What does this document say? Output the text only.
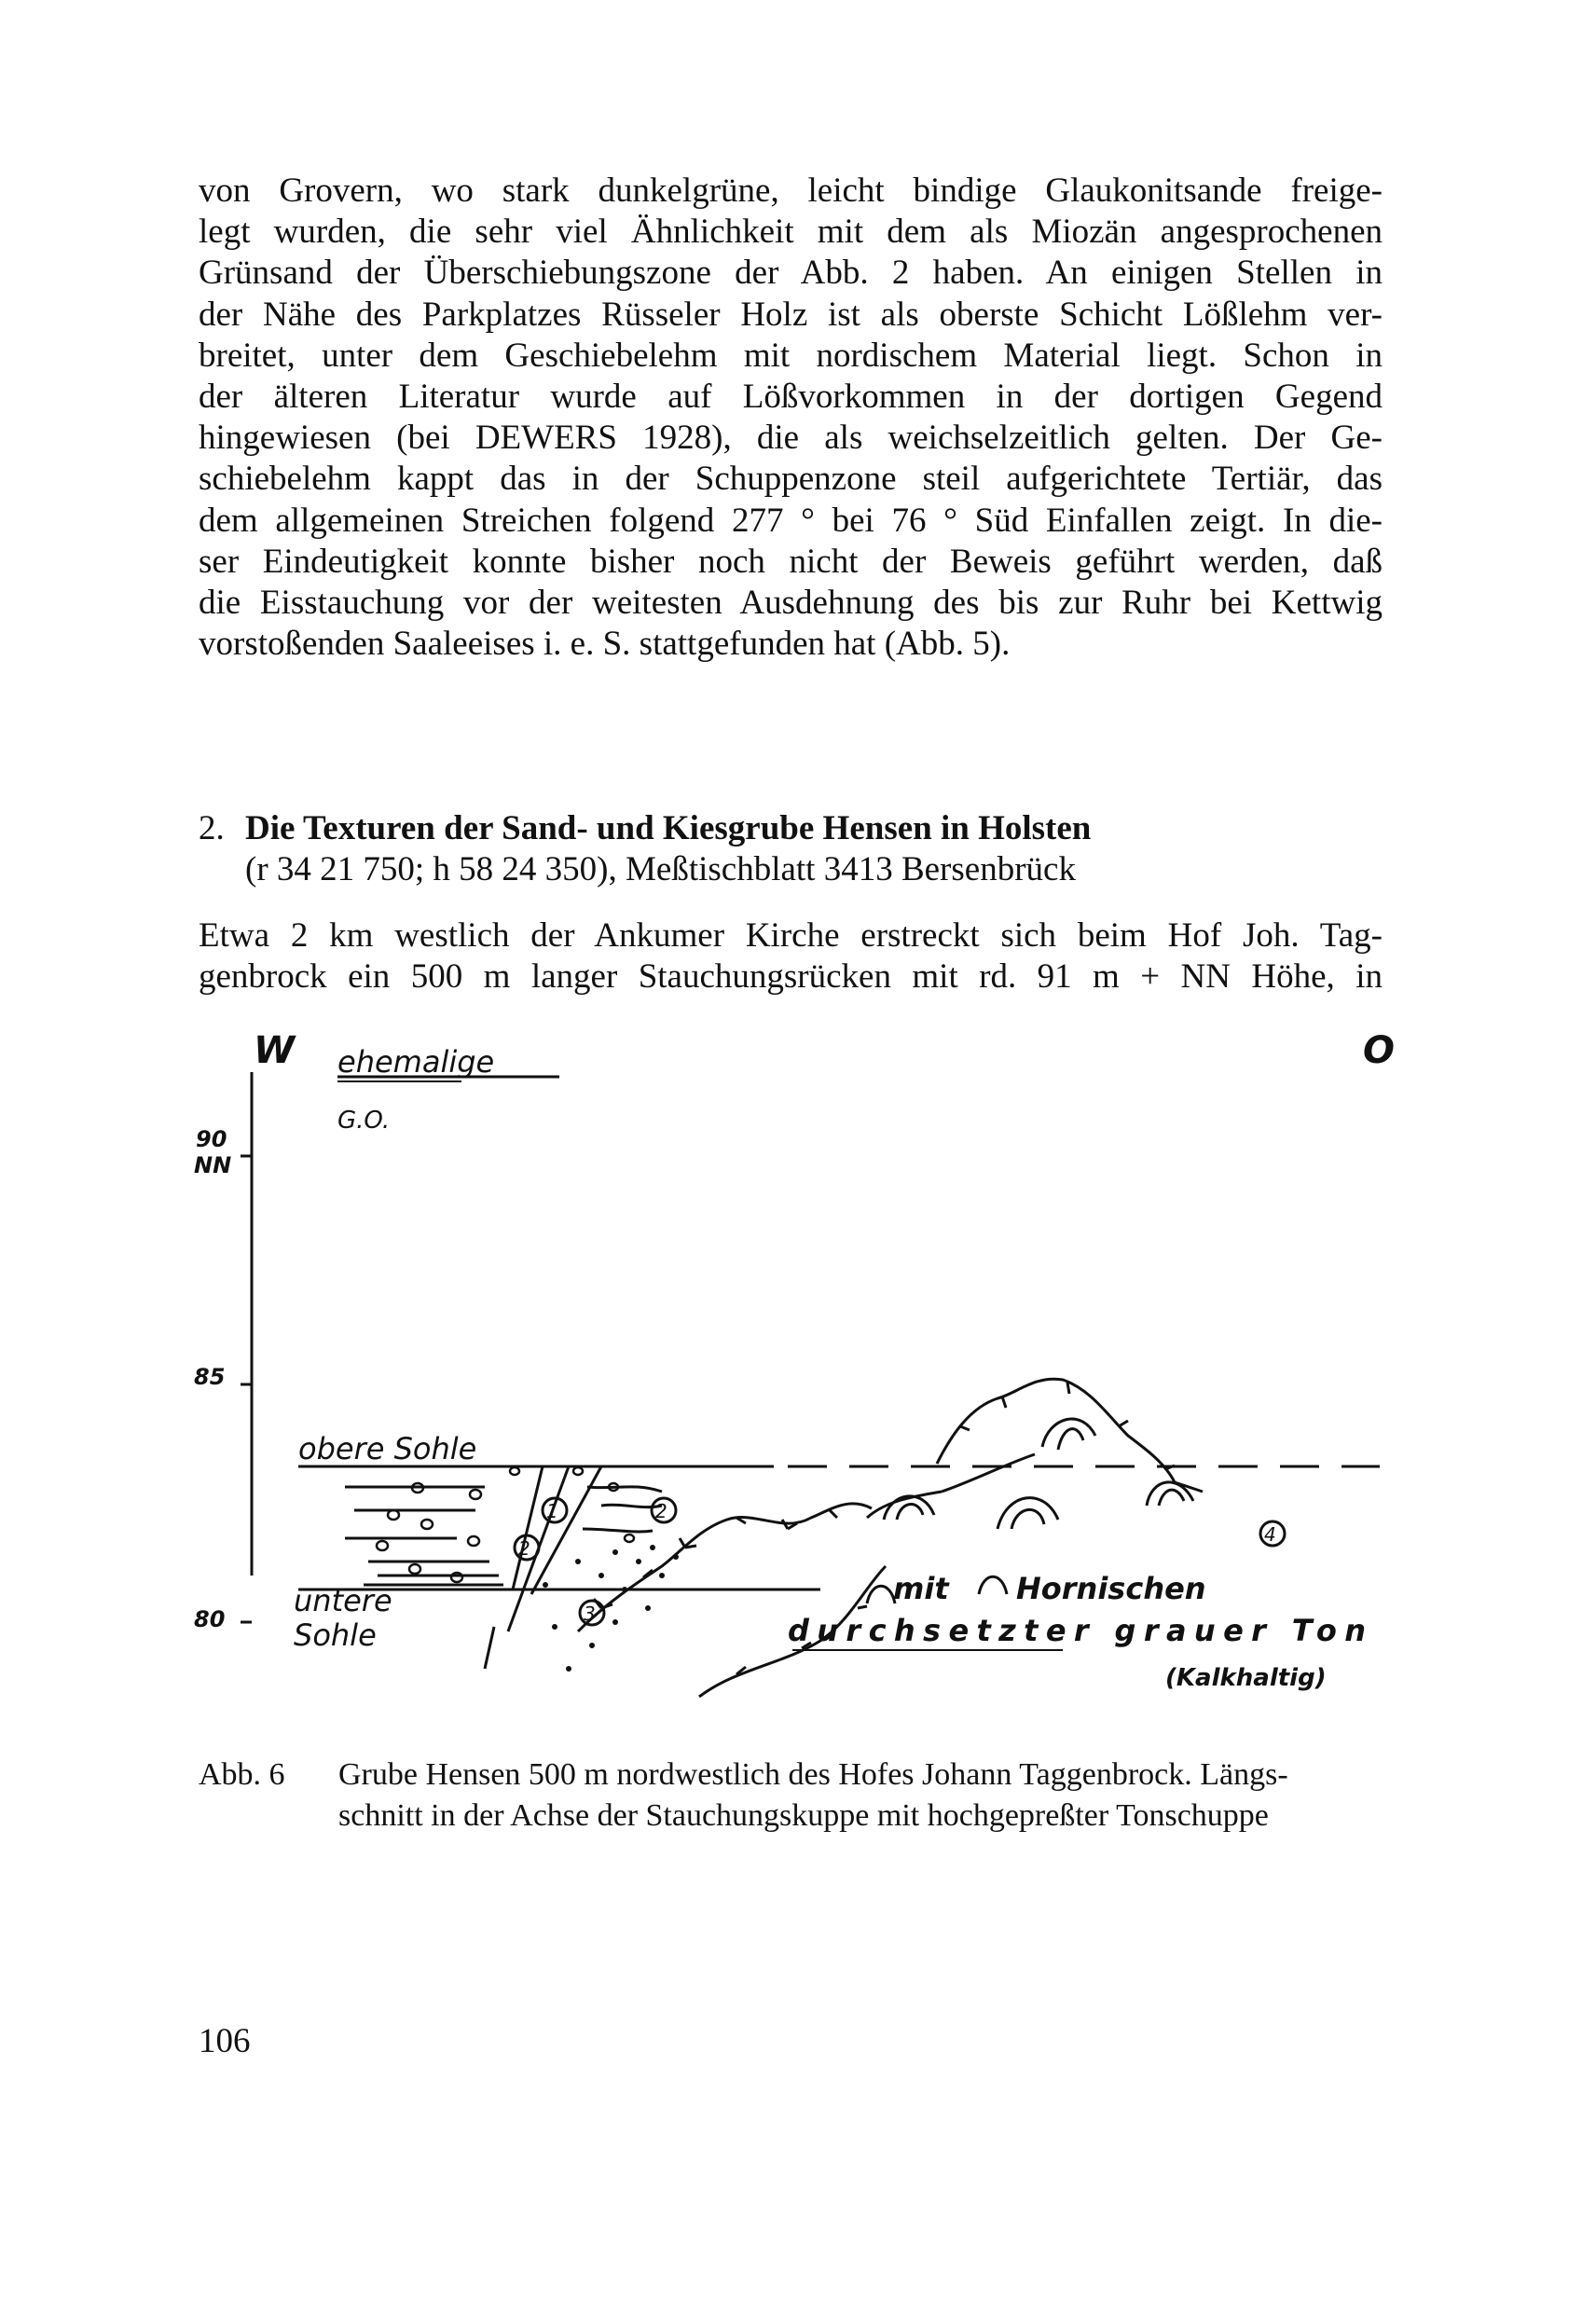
von Grovern, wo stark dunkelgrüne, leicht bindige Glaukonitsande freige-
legt wurden, die sehr viel Ähnlichkeit mit dem als Miozän angesprochenen
Grünsand der Überschiebungszone der Abb. 2 haben. An einigen Stellen in
der Nähe des Parkplatzes Rüsseler Holz ist als oberste Schicht Lößlehm ver-
breitet, unter dem Geschiebelehm mit nordischem Material liegt. Schon in
der älteren Literatur wurde auf Lößvorkommen in der dortigen Gegend
hingewiesen (bei DEWERS 1928), die als weichselzeitlich gelten. Der Ge-
schiebelehm kappt das in der Schuppenzone steil aufgerichtete Tertiär, das
dem allgemeinen Streichen folgend 277 ° bei 76 ° Süd Einfallen zeigt. In die-
ser Eindeutigkeit konnte bisher noch nicht der Beweis geführt werden, daß
die Eisstauchung vor der weitesten Ausdehnung des bis zur Ruhr bei Kettwig
vorstoßenden Saaleeises i. e. S. stattgefunden hat (Abb. 5).
2. Die Texturen der Sand- und Kiesgrube Hensen in Holsten
(r 34 21 750; h 58 24 350), Meßtischblatt 3413 Bersenbrück
Etwa 2 km westlich der Ankumer Kirche erstreckt sich beim Hof Joh. Tag-
genbrock ein 500 m langer Stauchungsrücken mit rd. 91 m + NN Höhe, in
W	O
90
NN
85
80
ehemalige
G.O.
obere Sohle
untere
Sohle
mit Hornischen
durchsetzter grauer Ton
(Kalkhaltig)
1	2
2
3
4
Abb. 6 Grube Hensen 500 m nordwestlich des Hofes Johann Taggenbrock. Längs-
schnitt in der Achse der Stauchungskuppe mit hochgepreßter Tonschuppe
106
